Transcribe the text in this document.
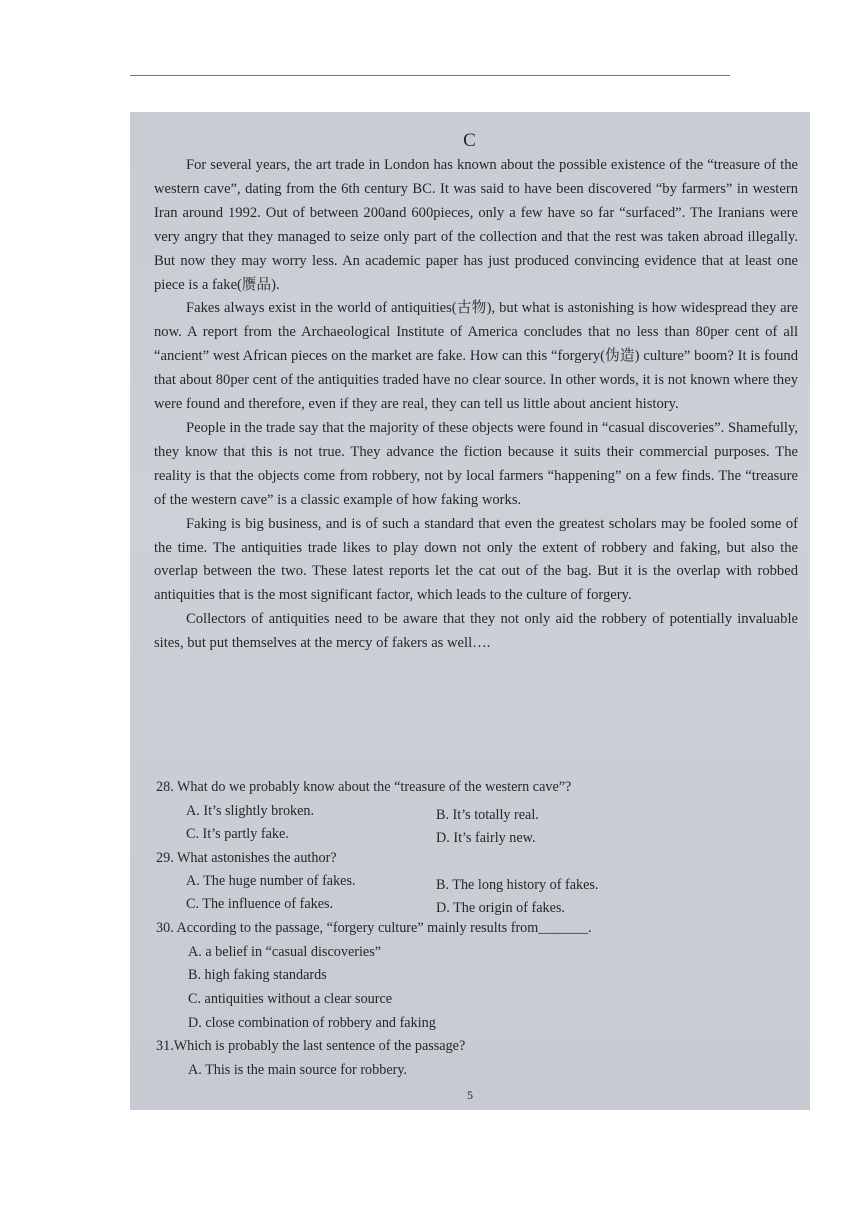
C

For several years, the art trade in London has known about the possible existence of the “treasure of the western cave”, dating from the 6th century BC. It was said to have been discovered “by farmers” in western Iran around 1992. Out of between 200and 600pieces, only a few have so far “surfaced”. The Iranians were very angry that they managed to seize only part of the collection and that the rest was taken abroad illegally. But now they may worry less. An academic paper has just produced convincing evidence that at least one piece is a fake(赝品).

Fakes always exist in the world of antiquities(古物), but what is astonishing is how widespread they are now. A report from the Archaeological Institute of America concludes that no less than 80per cent of all “ancient” west African pieces on the market are fake. How can this “forgery(伪造) culture” boom? It is found that about 80per cent of the antiquities traded have no clear source. In other words, it is not known where they were found and therefore, even if they are real, they can tell us little about ancient history.

People in the trade say that the majority of these objects were found in “casual discoveries”. Shamefully, they know that this is not true. They advance the fiction because it suits their commercial purposes. The reality is that the objects come from robbery, not by local farmers “happening” on a few finds. The “treasure of the western cave” is a classic example of how faking works.

Faking is big business, and is of such a standard that even the greatest scholars may be fooled some of the time. The antiquities trade likes to play down not only the extent of robbery and faking, but also the overlap between the two. These latest reports let the cat out of the bag. But it is the overlap with robbed antiquities that is the most significant factor, which leads to the culture of forgery.

Collectors of antiquities need to be aware that they not only aid the robbery of potentially invaluable sites, but put themselves at the mercy of fakers as well….

28. What do we probably know about the “treasure of the western cave”?

A. It’s slightly broken.	B. It’s totally real.
C. It’s partly fake.	D. It’s fairly new.

29. What astonishes the author?

A. The huge number of fakes.	B. The long history of fakes.
C. The influence of fakes.	D. The origin of fakes.

30. According to the passage, “forgery culture” mainly results from_______.

A. a belief in “casual discoveries”
B. high faking standards
C. antiquities without a clear source
D. close combination of robbery and faking

31.Which is probably the last sentence of the passage?

A. This is the main source for robbery.
5
